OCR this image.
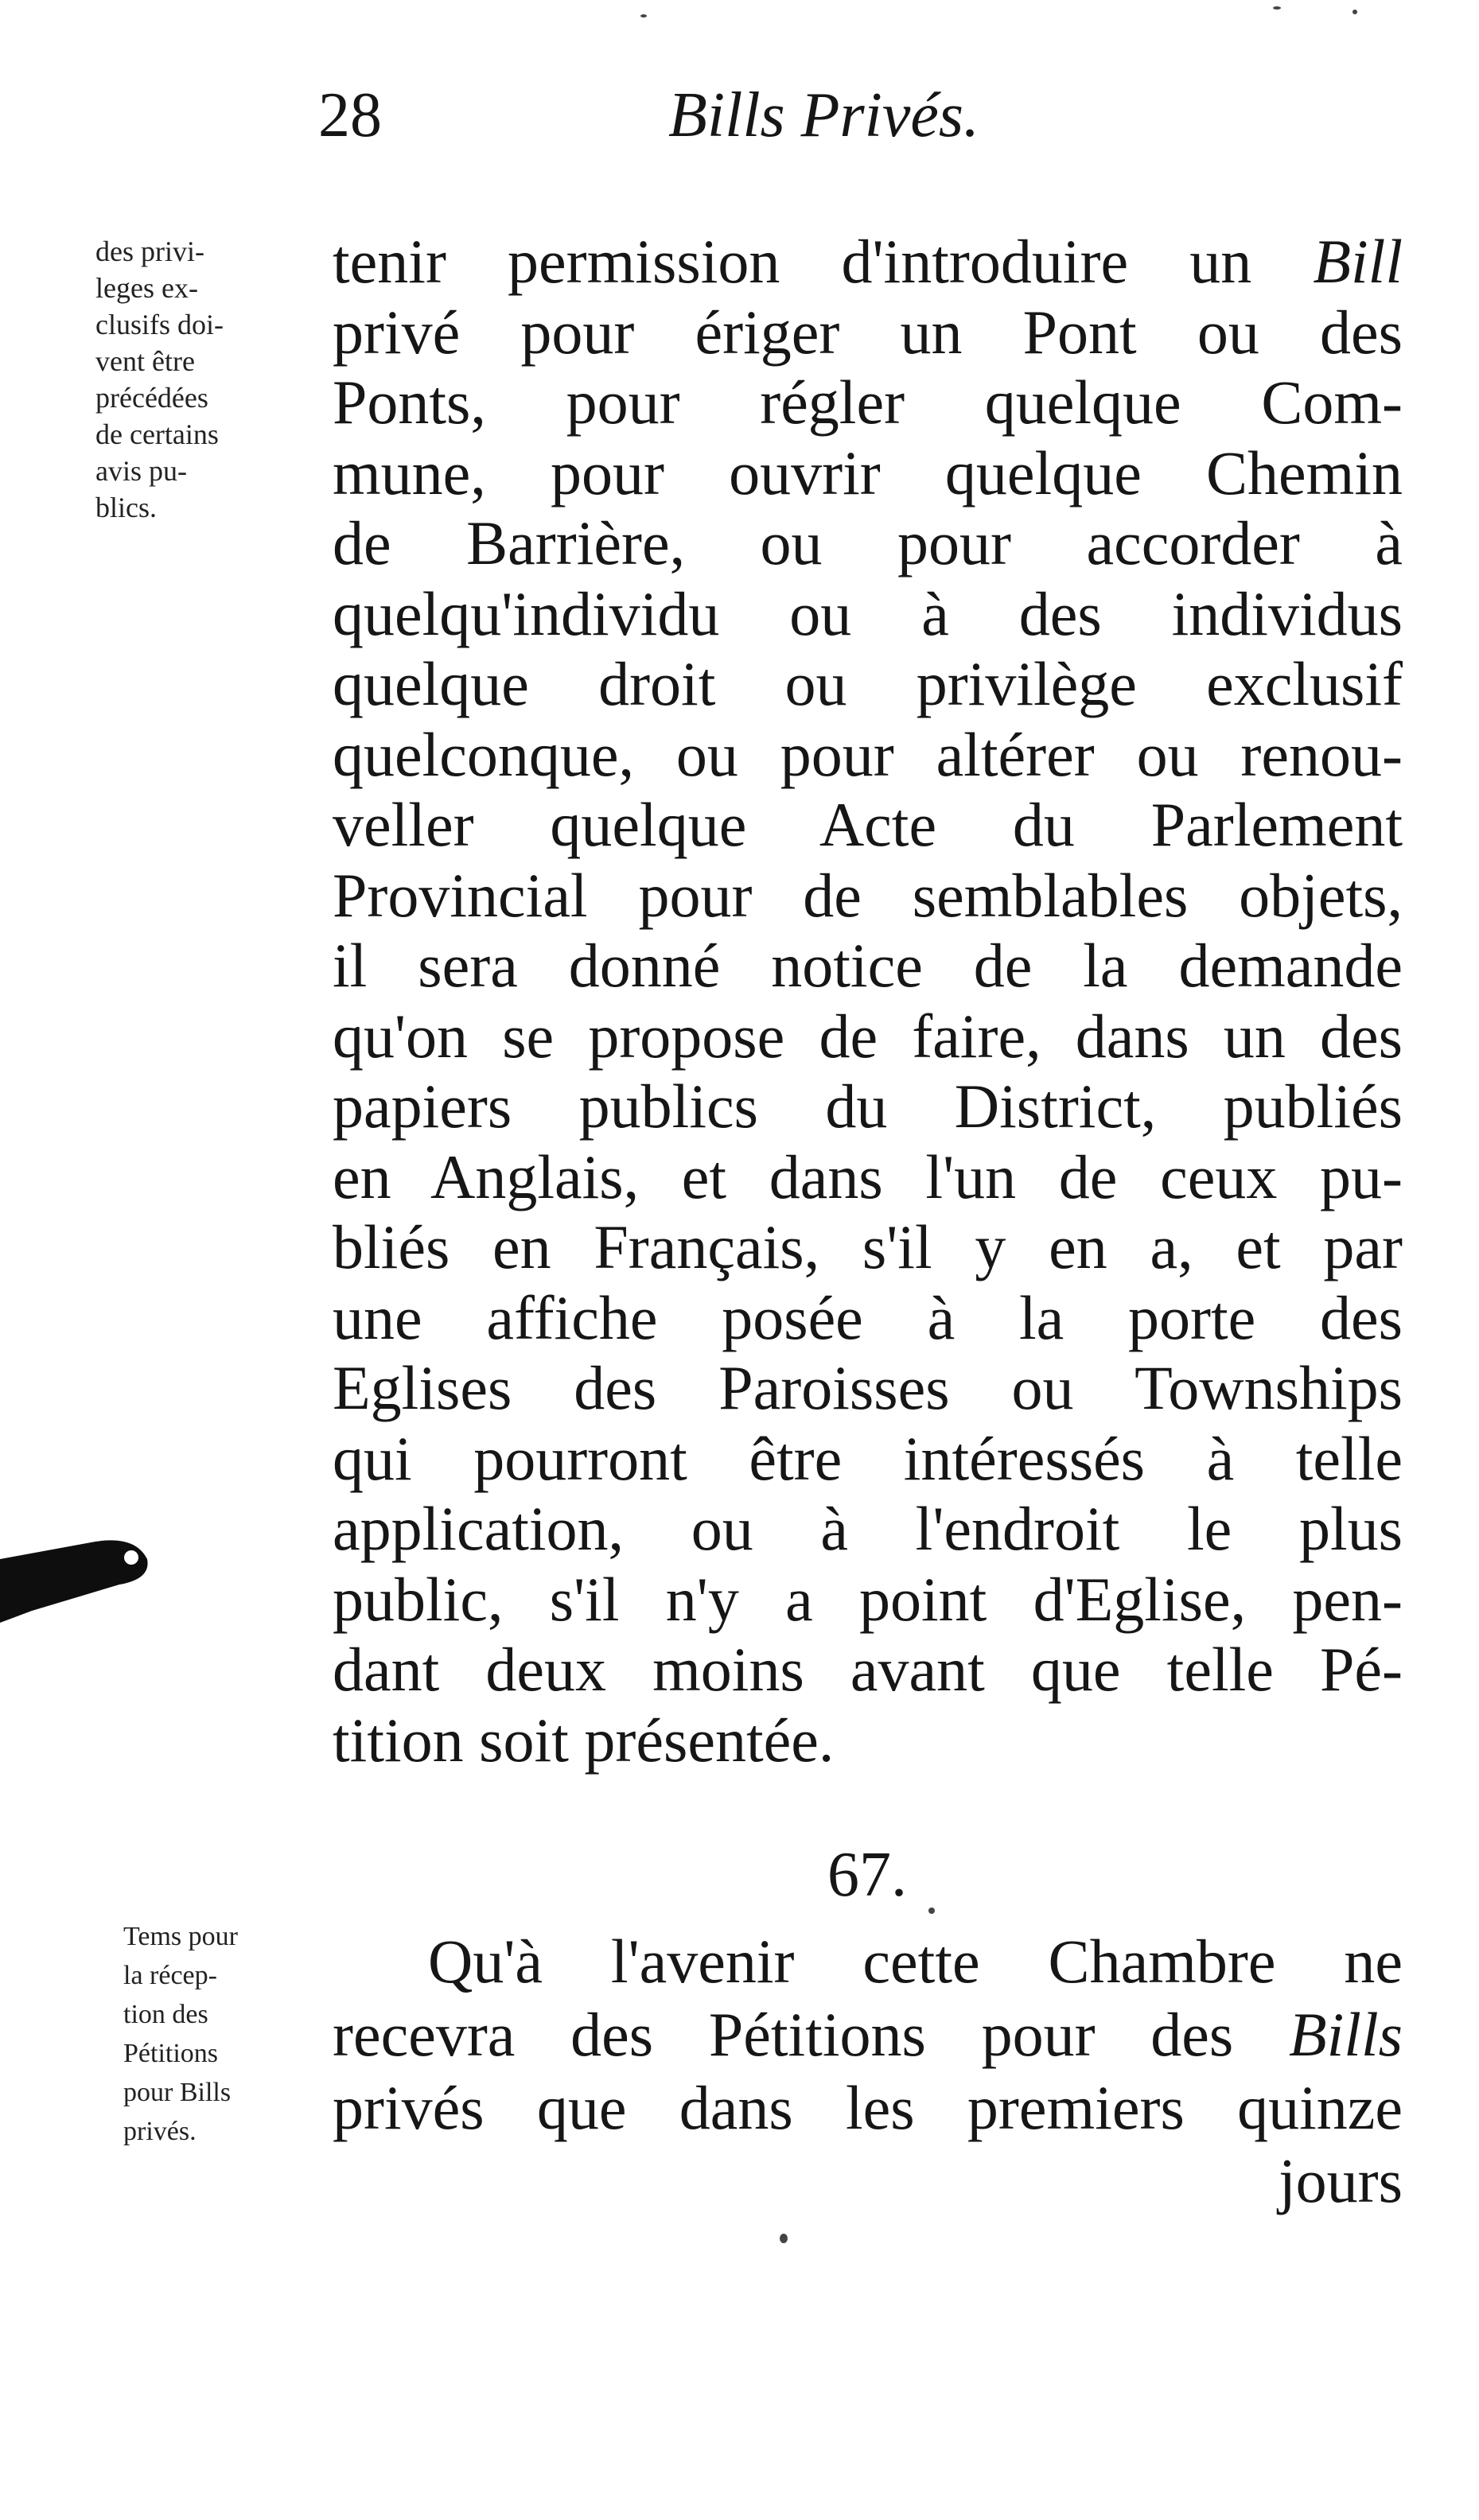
28	Bills Privés.
des privi-
leges ex-
clusifs doi-
vent être
précédées
de certains
avis pu-
blics.
tenir permission d'introduire un Bill
privé pour ériger un Pont ou des
Ponts, pour régler quelque Com-
mune, pour ouvrir quelque Chemin
de Barrière, ou pour accorder à
quelqu'individu ou à des individus
quelque droit ou privilège exclusif
quelconque, ou pour altérer ou renou-
veller quelque Acte du Parlement
Provincial pour de semblables objets,
il sera donné notice de la demande
qu'on se propose de faire, dans un des
papiers publics du District, publiés
en Anglais, et dans l'un de ceux pu-
bliés en Français, s'il y en a, et par
une affiche posée à la porte des
Eglises des Paroisses ou Townships
qui pourront être intéressés à telle
application, ou à l'endroit le plus
public, s'il n'y a point d'Eglise, pen-
dant deux moins avant que telle Pé-
tition soit présentée.
67.
Tems pour
la récep-
tion des
Pétitions
pour Bills
privés.
Qu'à l'avenir cette Chambre ne
recevra des Pétitions pour des Bills
privés que dans les premiers quinze
jours
